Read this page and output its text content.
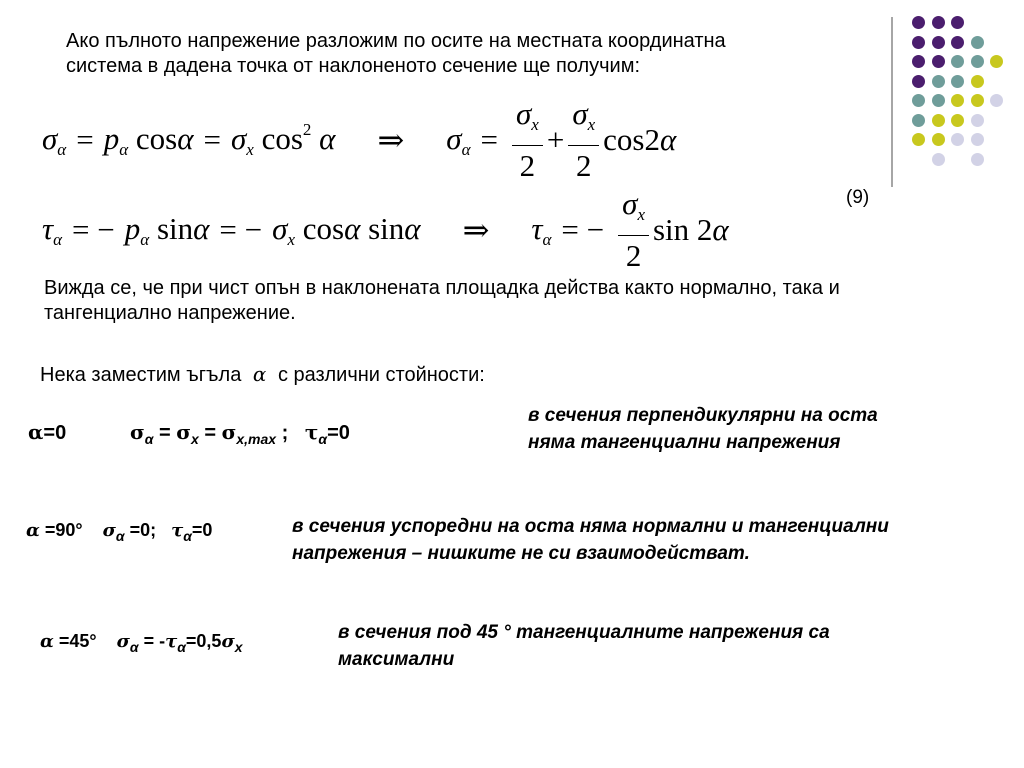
Ако пълното напрежение разложим по осите на местната координатна
система в дадена точка от наклоненото сечение ще получим:
$\sigma_\alpha = p_\alpha$ $\cos\alpha = \sigma_x$ $\cos^2 \alpha$ ⇒ $\sigma_\alpha = \frac{\sigma_x}{2} + \frac{\sigma_x}{2} \cos 2\alpha$
(9)
$\tau_\alpha$ = − $p_\alpha$ sinα = − $\sigma_x$ cosα sinα ⇒ $\tau_\alpha$ = − $\frac{\sigma_x}{2}$ sin 2α
Вижда се, че при чист опън в наклонената площадка действа както нормално, така и
тангенциално напрежение.
Нека заместим ъгъла α с различни стойности:
α=0	$\sigma_\alpha = \sigma_x = \sigma_{x,max}$ ;   $\tau_\alpha=0$
в сечения перпендикулярни на оста
няма тангенциални напрежения
α =90°    $\sigma_\alpha =0$;   $\tau_\alpha=0$	в сечения успоредни на оста няма нормални и тангенциални
напрежения – нишките не си взаимодействат.
α =45°    $\sigma_\alpha = -\tau_\alpha=0,5\sigma_x$
в сечения под 45 ° тангенциалните напрежения са
максимални
